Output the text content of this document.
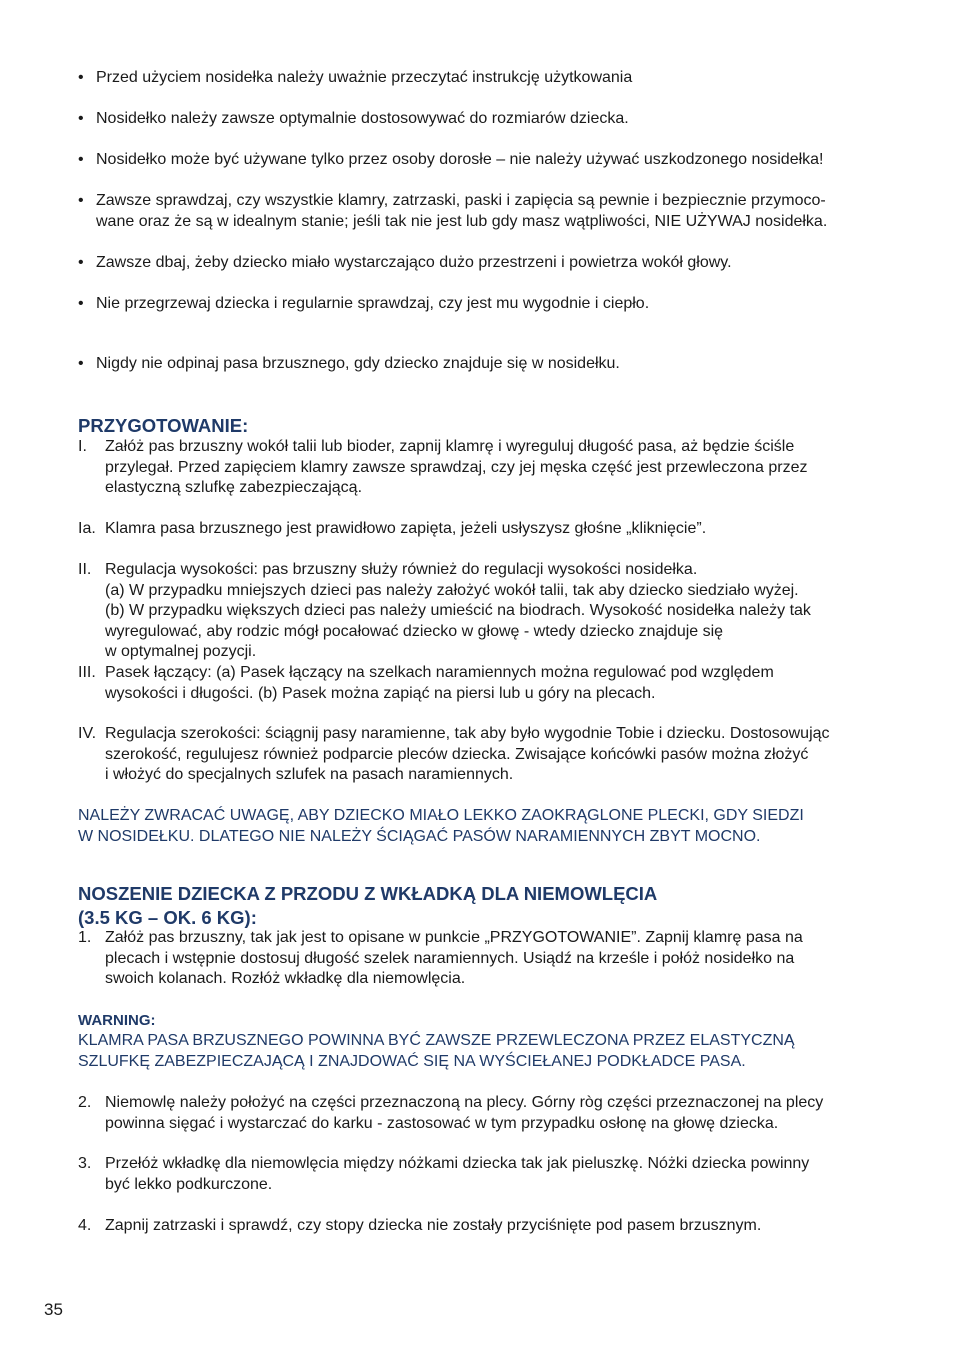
• Przed użyciem nosidełka należy uważnie przeczytać instrukcję użytkowania
• Nosidełko należy zawsze optymalnie dostosowywać do rozmiarów dziecka.
• Nosidełko może być używane tylko przez osoby dorosłe – nie należy używać uszkodzonego nosidełka!
• Zawsze sprawdzaj, czy wszystkie klamry, zatrzaski, paski i zapięcia są pewnie i bezpiecznie przymoco-
wane oraz że są w idealnym stanie; jeśli tak nie jest lub gdy masz wątpliwości, NIE UŻYWAJ nosidełka.
• Zawsze dbaj, żeby dziecko miało wystarczająco dużo przestrzeni i powietrza wokół głowy.
• Nie przegrzewaj dziecka i regularnie sprawdzaj, czy jest mu wygodnie i ciepło.
• Nigdy nie odpinaj pasa brzusznego, gdy dziecko znajduje się w nosidełku.
PRZYGOTOWANIE:
I.	Załóż pas brzuszny wokół talii lub bioder, zapnij klamrę i wyreguluj długość pasa, aż będzie ściśle
przylegał. Przed zapięciem klamry zawsze sprawdzaj, czy jej męska część jest przewleczona przez
elastyczną szlufkę zabezpieczającą.
Ia. Klamra pasa brzusznego jest prawidłowo zapięta, jeżeli usłyszysz głośne „kliknięcie”.
II. Regulacja wysokości: pas brzuszny służy również do regulacji wysokości nosidełka.
(a) W przypadku mniejszych dzieci pas należy założyć wokół talii, tak aby dziecko siedziało wyżej.
(b) W przypadku większych dzieci pas należy umieścić na biodrach. Wysokość nosidełka należy tak
wyregulować, aby rodzic mógł pocałować dziecko w głowę - wtedy dziecko znajduje się
w optymalnej pozycji.
III. Pasek łączący: (a) Pasek łączący na szelkach naramiennych można regulować pod względem
wysokości i długości. (b) Pasek można zapiąć na piersi lub u góry na plecach.
IV. Regulacja szerokości: ściągnij pasy naramienne, tak aby było wygodnie Tobie i dziecku. Dostosowując
szerokość, regulujesz również podparcie pleców dziecka. Zwisające końcówki pasów można złożyć
i włożyć do specjalnych szlufek na pasach naramiennych.
NALEŻY ZWRACAĆ UWAGĘ, ABY DZIECKO MIAŁO LEKKO ZAOKRĄGLONE PLECKI, GDY SIEDZI
W NOSIDEŁKU. DLATEGO NIE NALEŻY ŚCIĄGAĆ PASÓW NARAMIENNYCH ZBYT MOCNO.
NOSZENIE DZIECKA Z PRZODU Z WKŁADKĄ DLA NIEMOWLĘCIA
(3.5 KG – OK. 6 KG):
1. Załóż pas brzuszny, tak jak jest to opisane w punkcie „PRZYGOTOWANIE”. Zapnij klamrę pasa na
plecach i wstępnie dostosuj długość szelek naramiennych. Usiądź na krześle i połóż nosidełko na
swoich kolanach. Rozłóż wkładkę dla niemowlęcia.
WARNING:
KLAMRA PASA BRZUSZNEGO POWINNA BYĆ ZAWSZE PRZEWLECZONA PRZEZ ELASTYCZNĄ
SZLUFKĘ ZABEZPIECZAJĄCĄ I ZNAJDOWAĆ SIĘ NA WYŚCIEŁANEJ PODKŁADCE PASA.
2. Niemowlę należy położyć na części przeznaczoną na plecy. Górny ròg części przeznaczonej na plecy
powinna sięgać i wystarczać do karku - zastosować w tym przypadku osłonę na głowę dziecka.
3. Przełóż wkładkę dla niemowlęcia między nóżkami dziecka tak jak pieluszkę. Nóżki dziecka powinny
być lekko podkurczone.
4. Zapnij zatrzaski i sprawdź, czy stopy dziecka nie zostały przyciśnięte pod pasem brzusznym.
35
